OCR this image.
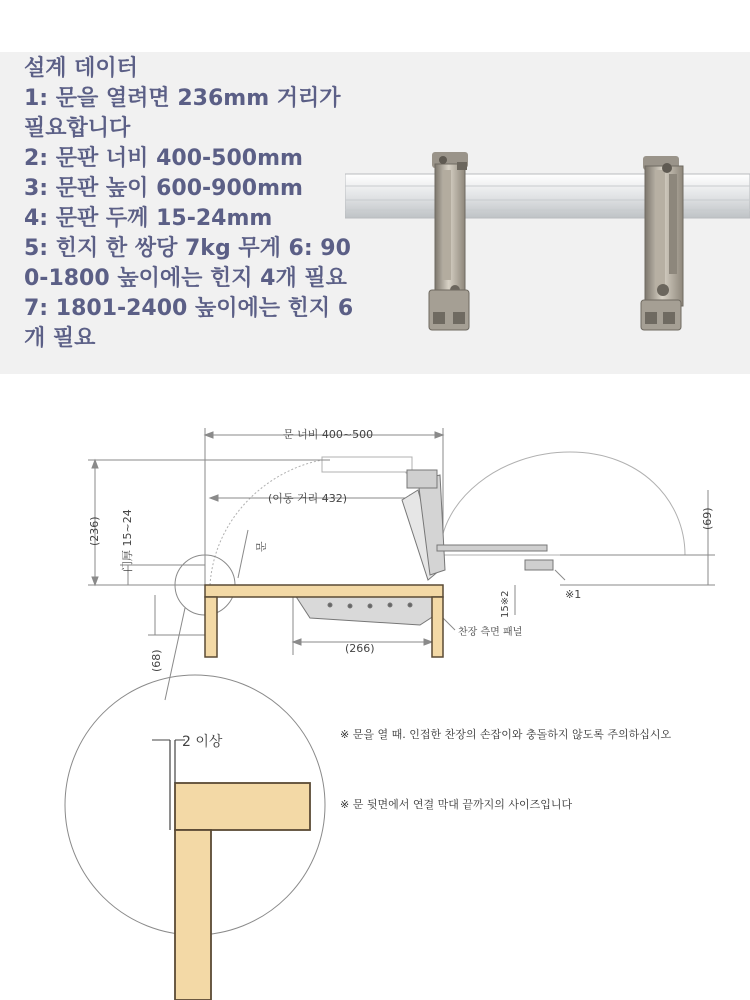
설계 데이터
1: 문을 열려면 236mm 거리가
필요합니다
2: 문판 너비 400-500mm
3: 문판 높이 600-900mm
4: 문판 두께 15-24mm
5: 힌지 한 쌍당 7kg 무게 6: 90
0-1800 높이에는 힌지 4개 필요
7: 1801-2400 높이에는 힌지 6
개 필요
문 너비 400~500
(이동 거리 432)
(236) 门厚 15~24	문
(69)
※1
15※2
찬장 측면 패널
(68)
(266)
2 이상	※ 문을 열 때. 인접한 찬장의 손잡이와 충돌하지 않도록 주의하십시오
※ 문 뒷면에서 연결 막대 끝까지의 사이즈입니다
